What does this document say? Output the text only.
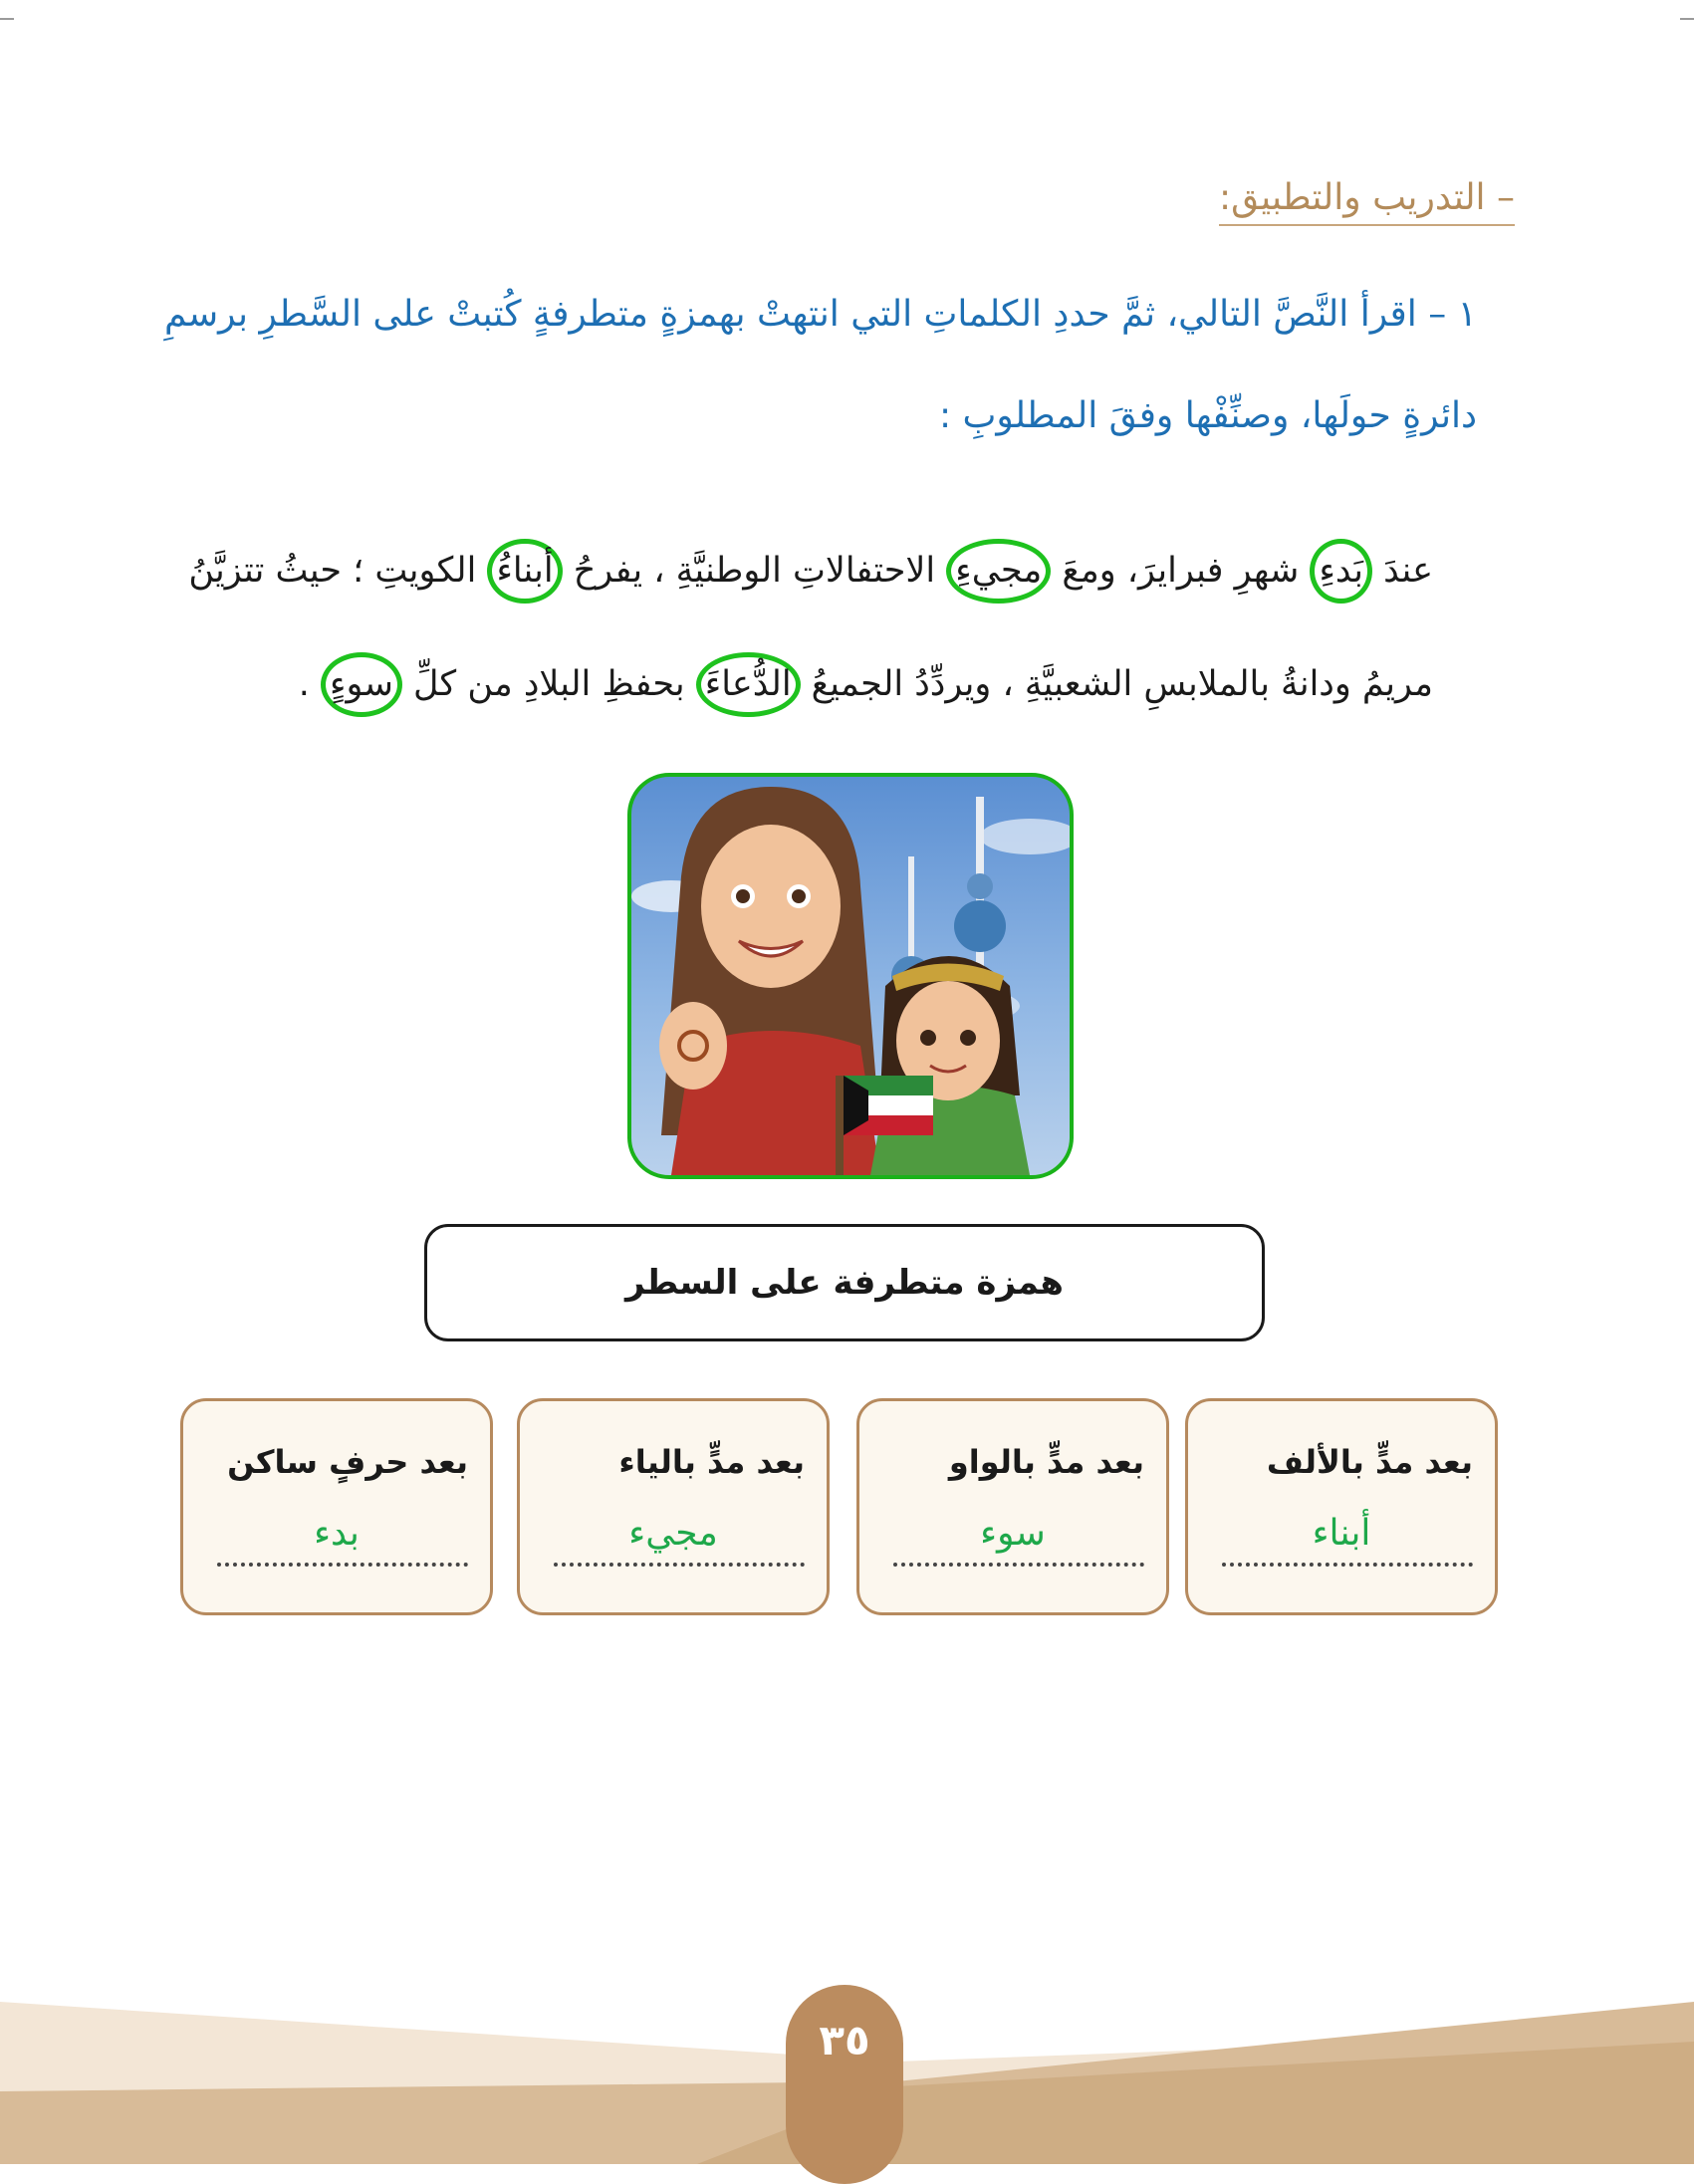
– التدريب والتطبيق:
١ – اقرأ النَّصَّ التالي، ثمَّ حددِ الكلماتِ التي انتهتْ بهمزةٍ متطرفةٍ كُتبتْ على السَّطرِ برسمِ
دائرةٍ حولَها، وصنِّفْها وفقَ المطلوبِ :
عندَ بَدءِ شهرِ فبرايرَ، ومعَ مجيءِ الاحتفالاتِ الوطنيَّةِ ، يفرحُ أبناءُ الكويتِ ؛ حيثُ تتزيَّنُ
مريمُ ودانةُ بالملابسِ الشعبيَّةِ ، ويردِّدُ الجميعُ الدُّعاءَ بحفظِ البلادِ من كلِّ سوءٍ .
همزة متطرفة على السطر
بعد مدٍّ بالألف
أبناء
بعد مدٍّ بالواو
سوء
بعد مدٍّ بالياء
مجيء
بعد حرفٍ ساكن
بدء
٣٥
